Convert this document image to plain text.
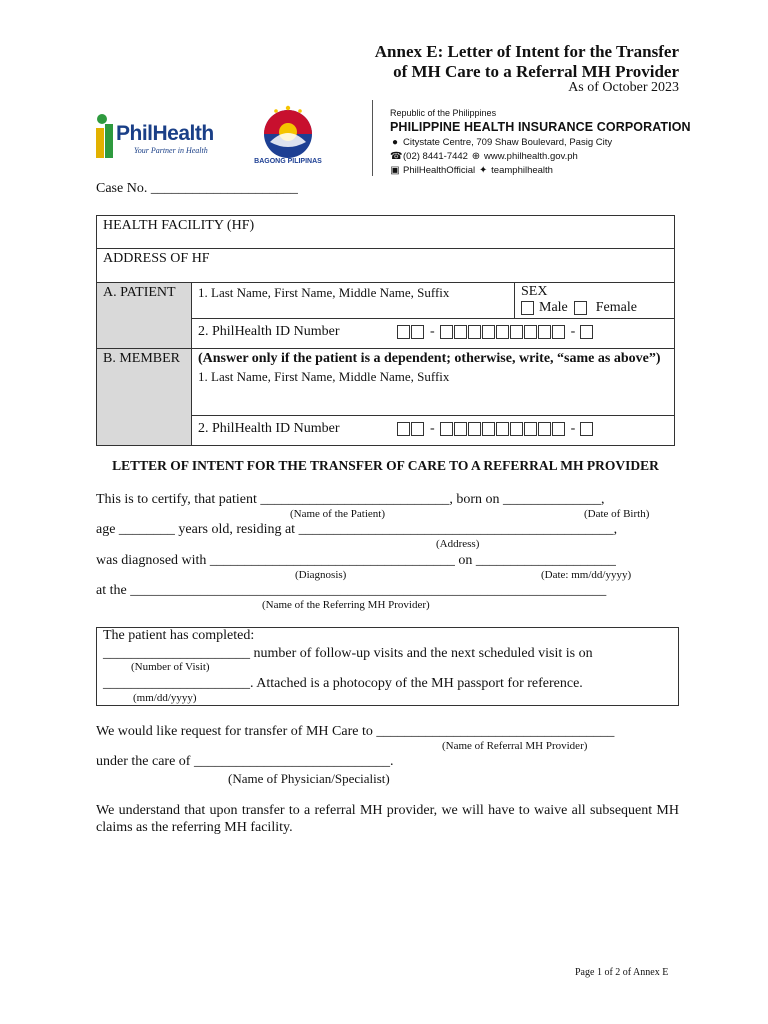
Annex E: Letter of Intent for the Transfer
of MH Care to a Referral MH Provider
As of October 2023
PhilHealth
Your Partner in Health
BAGONG PILIPINAS
Republic of the Philippines
PHILIPPINE HEALTH INSURANCE CORPORATION
● Citystate Centre, 709 Shaw Boulevard, Pasig City
☎ (02) 8441-7442 ⊕ www.philhealth.gov.ph
▣ PhilHealthOfficial ✦ teamphilhealth
Case No. _____________________
HEALTH FACILITY (HF)		

ADDRESS OF HF		

A. PATIENT	1. Last Name, First Name, Middle Name, Suffix	SEX
Male Female

	2. PhilHealth ID Number - -	

B. MEMBER	(Answer only if the patient is a dependent; otherwise, write, “same as above”)
1. Last Name, First Name, Middle Name, Suffix	

	2. PhilHealth ID Number - -	
LETTER OF INTENT FOR THE TRANSFER OF CARE TO A REFERRAL MH PROVIDER
This is to certify, that patient ___________________________, born on ______________,
(Name of the Patient)	(Date of Birth)
age ________ years old, residing at _____________________________________________,
(Address)
was diagnosed with ___________________________________ on ____________________
(Diagnosis)	(Date: mm/dd/yyyy)
at the ____________________________________________________________________
(Name of the Referring MH Provider)
The patient has completed:
_____________________ number of follow-up visits and the next scheduled visit is on
(Number of Visit)
_____________________. Attached is a photocopy of the MH passport for reference.
(mm/dd/yyyy)
We would like request for transfer of MH Care to __________________________________
(Name of Referral MH Provider)
under the care of ____________________________.
(Name of Physician/Specialist)
We understand that upon transfer to a referral MH provider, we will have to waive all subsequent MH claims as the referring MH facility.
Page 1 of 2 of Annex E
